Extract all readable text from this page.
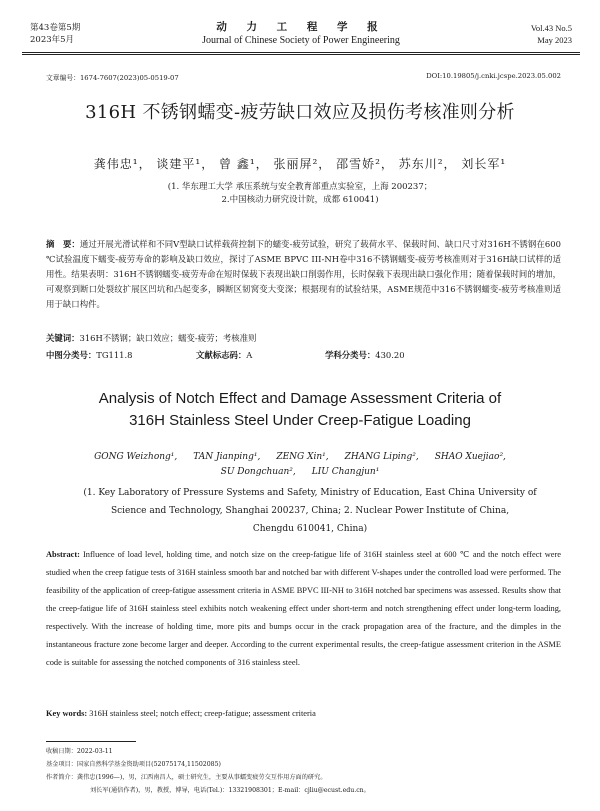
第43卷第5期
2023年5月
动 力 工 程 学 报
Journal of Chinese Society of Power Engineering
Vol.43 No.5
May 2023
文章编号：1674-7607(2023)05-0519-07	DOI:10.19805/j.cnki.jcspe.2023.05.002
316H 不锈钢蠕变-疲劳缺口效应及损伤考核准则分析
龚伟忠¹， 谈建平¹， 曾 鑫¹， 张丽屏²， 邵雪娇²， 苏东川²， 刘长军¹
(1. 华东理工大学 承压系统与安全教育部重点实验室，上海 200237；
2.中国核动力研究设计院，成都 610041)
摘　要：通过开展光滑试样和不同V型缺口试样载荷控制下的蠕变-疲劳试验，研究了载荷水平、保载时间、缺口尺寸对316H不锈钢在600 ℃试验温度下蠕变-疲劳寿命的影响及缺口效应，探讨了ASME BPVC III-NH卷中316不锈钢蠕变-疲劳考核准则对于316H缺口试样的适用性。结果表明：316H不锈钢蠕变-疲劳寿命在短时保载下表现出缺口削弱作用，长时保载下表现出缺口强化作用；随着保载时间的增加，可观察到断口处裂纹扩展区凹坑和凸起变多，瞬断区韧窝变大变深；根据现有的试验结果，ASME规范中316不锈钢蠕变-疲劳考核准则适用于缺口构件。
关键词：316H不锈钢；缺口效应；蠕变-疲劳；考核准则
中图分类号：TG111.8	文献标志码：A	学科分类号：430.20
Analysis of Notch Effect and Damage Assessment Criteria of
316H Stainless Steel Under Creep-Fatigue Loading
GONG Weizhong¹, TAN Jianping¹, ZENG Xin¹, ZHANG Liping², SHAO Xuejiao²,
SU Dongchuan², LIU Changjun¹
(1. Key Laboratory of Pressure Systems and Safety, Ministry of Education, East China University of
Science and Technology, Shanghai 200237, China; 2. Nuclear Power Institute of China,
Chengdu 610041, China)
Abstract: Influence of load level, holding time, and notch size on the creep-fatigue life of 316H stainless steel at 600 ℃ and the notch effect were studied when the creep fatigue tests of 316H stainless smooth bar and notched bar with different V-shapes under the controlled load were performed. The feasibility of the application of creep-fatigue assessment criteria in ASME BPVC III-NH to 316H notched bar specimens was assessed. Results show that the creep-fatigue life of 316H stainless steel exhibits notch weakening effect under short-term and notch strengthening effect under long-term loading, respectively. With the increase of holding time, more pits and bumps occur in the crack propagation area of the fracture, and the dimples in the instantaneous fracture zone become larger and deeper. According to the current experimental results, the creep-fatigue assessment criterion in the ASME code is suitable for assessing the notched components of 316 stainless steel.
Key words: 316H stainless steel; notch effect; creep-fatigue; assessment criteria
收稿日期：2022-03-11
基金项目：国家自然科学基金资助项目(52075174,11502085)
作者简介：龚伟忠(1996—)，男，江西南昌人，硕士研究生，主要从事蠕变疲劳交互作用方面的研究。
刘长军(通信作者)，男，教授，博导，电话(Tel.)：13321908301；E-mail：cjliu@ecust.edu.cn。
